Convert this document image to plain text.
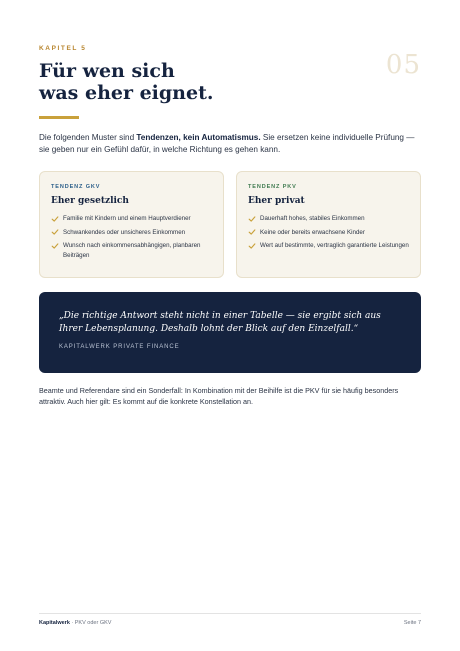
KAPITEL 5
05
Für wen sich
was eher eignet.

Die folgenden Muster sind Tendenzen, kein Automatismus. Sie ersetzen keine individuelle Prüfung — sie geben nur ein Gefühl dafür, in welche Richtung es gehen kann.

TENDENZ GKV
Eher gesetzlich
Familie mit Kindern und einem Hauptverdiener
Schwankendes oder unsicheres Einkommen
Wunsch nach einkommensabhängigen, planbaren Beiträgen
TENDENZ PKV
Eher privat
Dauerhaft hohes, stabiles Einkommen
Keine oder bereits erwachsene Kinder
Wert auf bestimmte, vertraglich garantierte Leistungen

„Die richtige Antwort steht nicht in einer Tabelle — sie ergibt sich aus Ihrer Lebensplanung. Deshalb lohnt der Blick auf den Einzelfall.“

KAPITALWERK PRIVATE FINANCE

Beamte und Referendare sind ein Sonderfall: In Kombination mit der Beihilfe ist die PKV für sie häufig besonders attraktiv. Auch hier gilt: Es kommt auf die konkrete Konstellation an.

Kapitalwerk · PKV oder GKV	Seite 7
